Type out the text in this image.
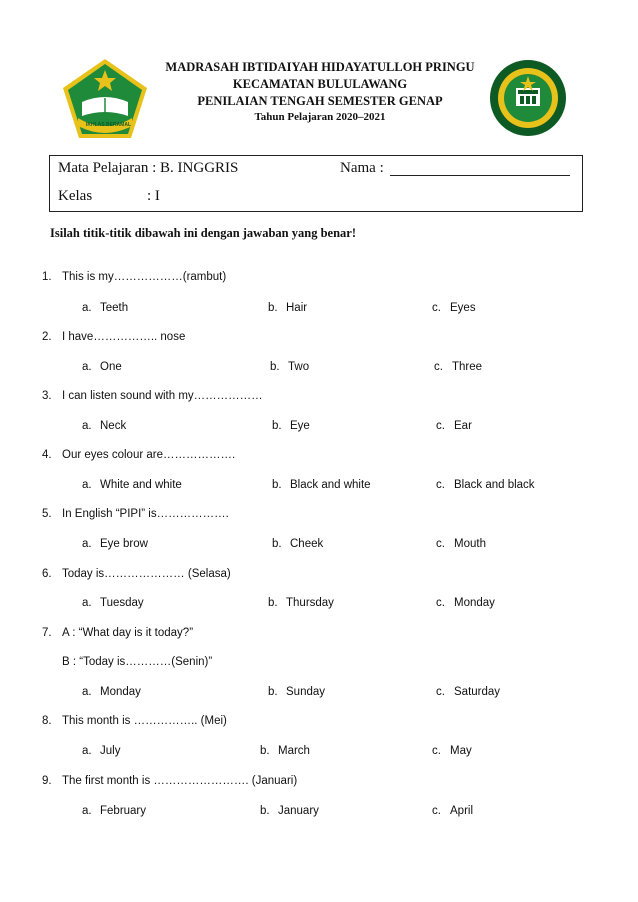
IKHLAS BERAMAL
MADRASAH IBTIDAIYAH HIDAYATULLOH PRINGU
KECAMATAN BULULAWANG
PENILAIAN TENGAH SEMESTER GENAP
Tahun Pelajaran 2020–2021
Mata Pelajaran : B. INGGRIS	Nama :
Kelas	: I
Isilah titik-titik dibawah ini dengan jawaban yang benar!
1. This is my………………(rambut)
a. Teeth	b. Hair	c. Eyes
2. I have…………….. nose
a. One	b. Two	c. Three
3. I can listen sound with my………………
a. Neck	b. Eye	c. Ear
4. Our eyes colour are……………….
a. White and white	b. Black and white	c. Black and black
5. In English “PIPI” is……………….
a. Eye brow	b. Cheek	c. Mouth
6. Today is………………… (Selasa)
a. Tuesday	b. Thursday	c. Monday
7. A : “What day is it today?”
B : “Today is…………(Senin)”
a. Monday	b. Sunday	c. Saturday
8. This month is …………….. (Mei)
a. July	b. March	c. May
9. The first month is ……………………. (Januari)
a. February	b. January	c. April
